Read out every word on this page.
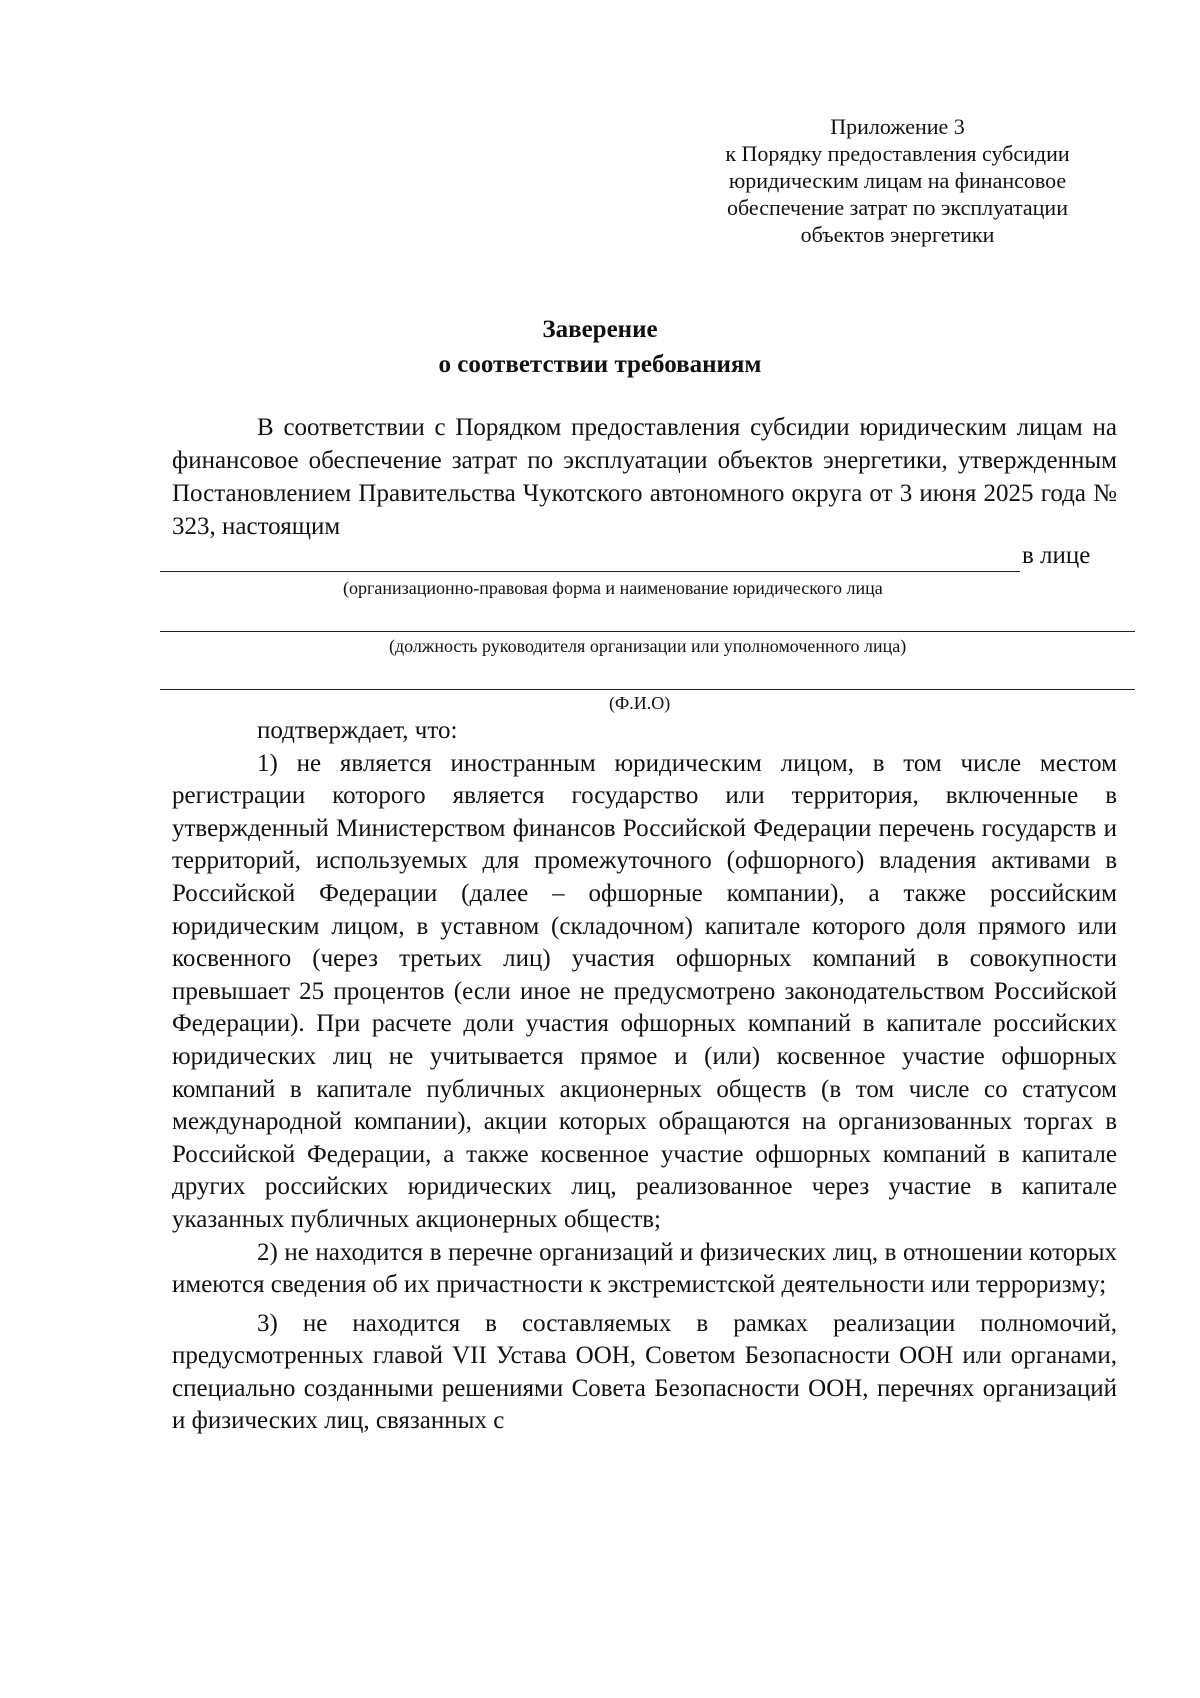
Приложение 3
к Порядку предоставления субсидии
юридическим лицам на финансовое
обеспечение затрат по эксплуатации
объектов энергетики
Заверение
о соответствии требованиям

В соответствии с Порядком предоставления субсидии юридическим лицам на финансовое обеспечение затрат по эксплуатации объектов энергетики, утвержденным Постановлением Правительства Чукотского автономного округа от 3 июня 2025 года № 323, настоящим

в лице
(организационно-правовая форма и наименование юридического лица
(должность руководителя организации или уполномоченного лица)
(Ф.И.О)

подтверждает, что:

1) не является иностранным юридическим лицом, в том числе местом регистрации которого является государство или территория, включенные в утвержденный Министерством финансов Российской Федерации перечень государств и территорий, используемых для промежуточного (офшорного) владения активами в Российской Федерации (далее – офшорные компании), а также российским юридическим лицом, в уставном (складочном) капитале которого доля прямого или косвенного (через третьих лиц) участия офшорных компаний в совокупности превышает 25 процентов (если иное не предусмотрено законодательством Российской Федерации). При расчете доли участия офшорных компаний в капитале российских юридических лиц не учитывается прямое и (или) косвенное участие офшорных компаний в капитале публичных акционерных обществ (в том числе со статусом международной компании), акции которых обращаются на организованных торгах в Российской Федерации, а также косвенное участие офшорных компаний в капитале других российских юридических лиц, реализованное через участие в капитале указанных публичных акционерных обществ;

2) не находится в перечне организаций и физических лиц, в отношении которых имеются сведения об их причастности к экстремистской деятельности или терроризму;

3) не находится в составляемых в рамках реализации полномочий, предусмотренных главой VII Устава ООН, Советом Безопасности ООН или органами, специально созданными решениями Совета Безопасности ООН, перечнях организаций и физических лиц, связанных с
